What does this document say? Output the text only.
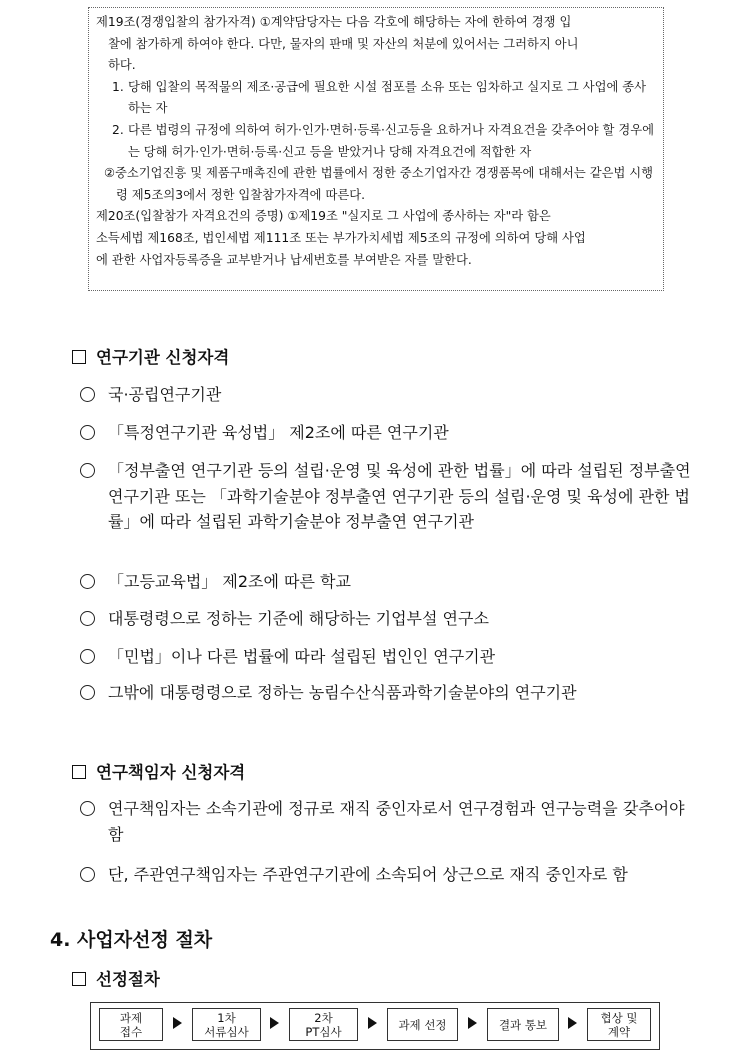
제19조(경쟁입찰의 참가자격) ①계약담당자는 다음 각호에 해당하는 자에 한하여 경쟁 입

찰에 참가하게 하여야 한다. 다만, 물자의 판매 및 자산의 처분에 있어서는 그러하지 아니

하다.

1. 당해 입찰의 목적물의 제조·공급에 필요한 시설 점포를 소유 또는 임차하고 실지로 그 사업에 종사하는 자

2. 다른 법령의 규정에 의하여 허가·인가·면허·등록·신고등을 요하거나 자격요건을 갖추어야 할 경우에는 당해 허가·인가·면허·등록·신고 등을 받았거나 당해 자격요건에 적합한 자

②중소기업진흥 및 제품구매촉진에 관한 법률에서 정한 중소기업자간 경쟁품목에 대해서는 같은법 시행령 제5조의3에서 정한 입찰참가자격에 따른다.

제20조(입찰참가 자격요건의 증명) ①제19조 "실지로 그 사업에 종사하는 자"라 함은

소득세법 제168조, 법인세법 제111조 또는 부가가치세법 제5조의 규정에 의하여 당해 사업

에 관한 사업자등록증을 교부받거나 납세번호를 부여받은 자를 말한다.

연구기관 신청자격
국·공립연구기관
「특정연구기관 육성법」 제2조에 따른 연구기관
「정부출연 연구기관 등의 설립·운영 및 육성에 관한 법률」에 따라 설립된 정부출연 연구기관 또는 「과학기술분야 정부출연 연구기관 등의 설립·운영 및 육성에 관한 법률」에 따라 설립된 과학기술분야 정부출연 연구기관
「고등교육법」 제2조에 따른 학교
대통령령으로 정하는 기준에 해당하는 기업부설 연구소
「민법」이나 다른 법률에 따라 설립된 법인인 연구기관
그밖에 대통령령으로 정하는 농림수산식품과학기술분야의 연구기관
연구책임자 신청자격
연구책임자는 소속기관에 정규로 재직 중인자로서 연구경험과 연구능력을 갖추어야 함
단, 주관연구책임자는 주관연구기관에 소속되어 상근으로 재직 중인자로 함
4. 사업자선정 절차
선정절차
과제
접수
1차
서류심사
2차
PT심사	과제 선정	결과 통보	협상 및
계약
